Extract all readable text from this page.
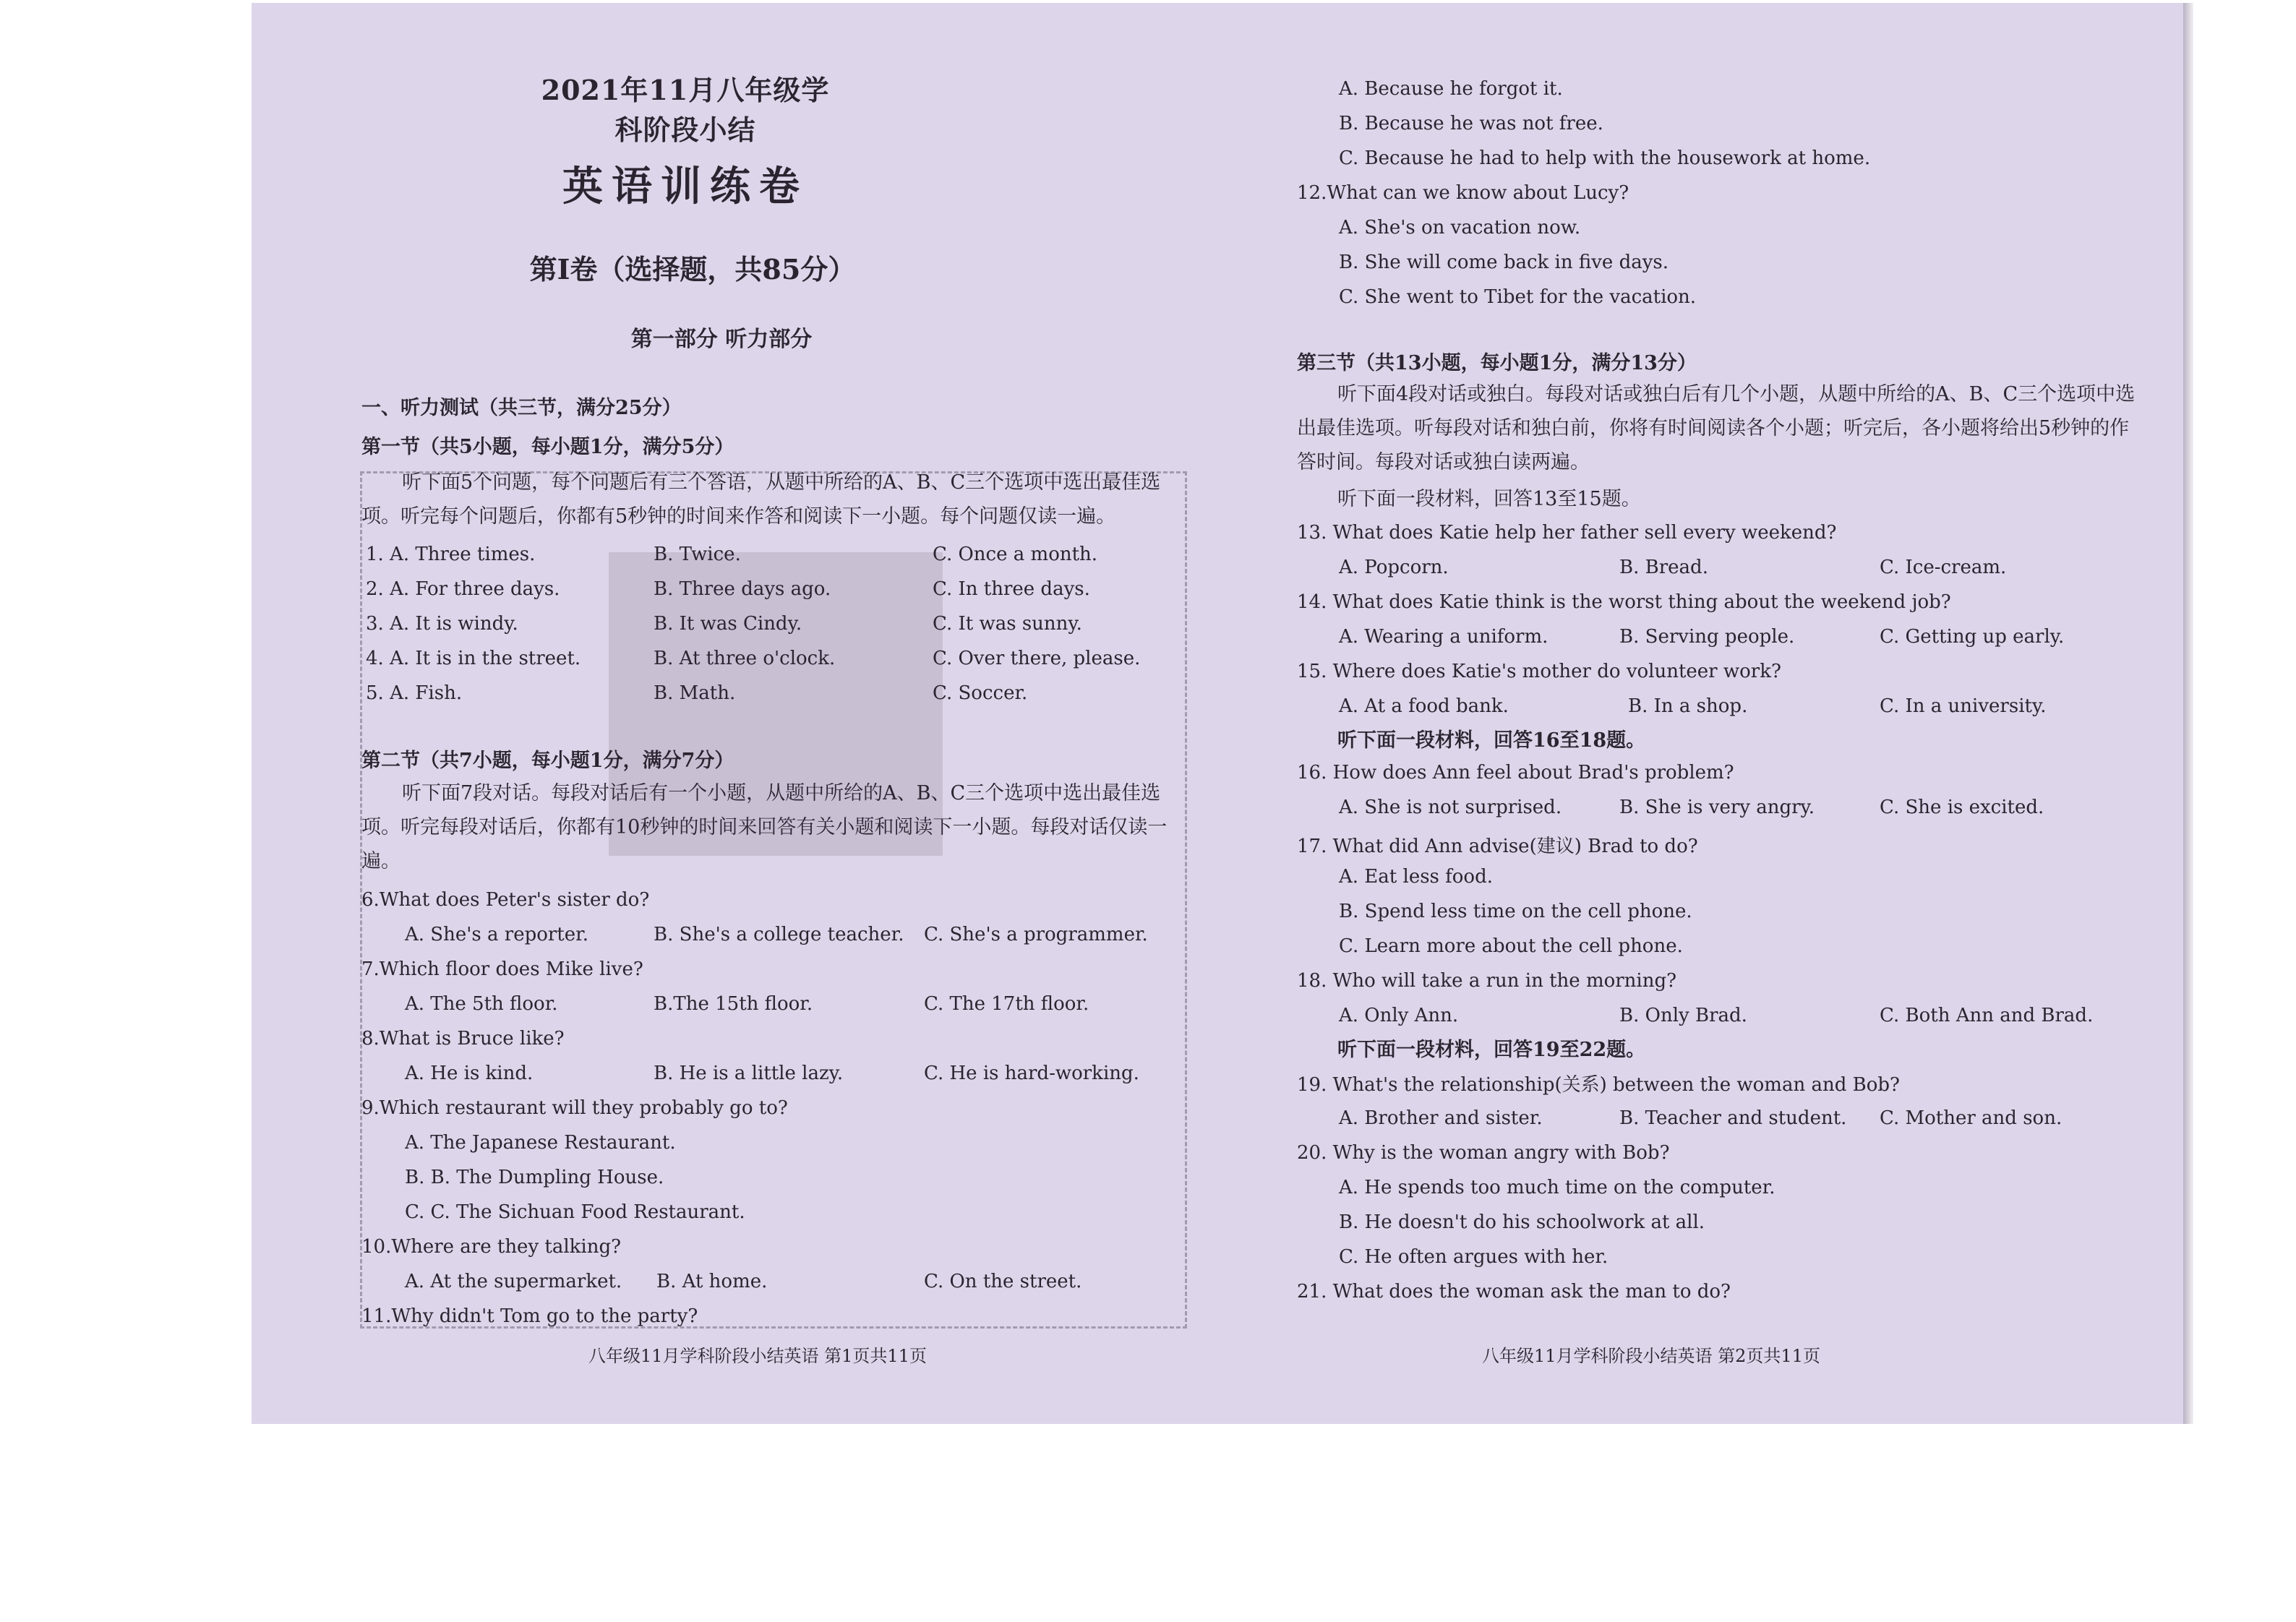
2021年11月八年级学科阶段小结
英语训练卷
第I卷（选择题，共85分）
第一部分 听力部分
一、听力测试（共三节，满分25分）
第一节（共5小题，每小题1分，满分5分）
听下面5个问题，每个问题后有三个答语，从题中所给的A、B、C三个选项中选出最佳选项。听完每个问题后，你都有5秒钟的时间来作答和阅读下一小题。每个问题仅读一遍。
1. A. Three times.	B. Twice.	C. Once a month.
2. A. For three days.	B. Three days ago.	C. In three days.
3. A. It is windy.	B. It was Cindy.	C. It was sunny.
4. A. It is in the street.	B. At three o'clock.	C. Over there, please.
5. A. Fish.	B. Math.	C. Soccer.
第二节（共7小题，每小题1分，满分7分）
听下面7段对话。每段对话后有一个小题，从题中所给的A、B、C三个选项中选出最佳选项。听完每段对话后，你都有10秒钟的时间来回答有关小题和阅读下一小题。每段对话仅读一遍。
6.What does Peter's sister do?
A. She's a reporter.	B. She's a college teacher. C. She's a programmer.
7.Which floor does Mike live?
A. The 5th floor.	B.The 15th floor.	C. The 17th floor.
8.What is Bruce like?
A. He is kind.	B. He is a little lazy.	C. He is hard-working.
9.Which restaurant will they probably go to?
A. The Japanese Restaurant.
B. B. The Dumpling House.
C. C. The Sichuan Food Restaurant.
10.Where are they talking?
A. At the supermarket. B. At home.	C. On the street.
11.Why didn't Tom go to the party?
八年级11月学科阶段小结英语 第1页共11页
A. Because he forgot it.
B. Because he was not free.
C. Because he had to help with the housework at home.
12.What can we know about Lucy?
A. She's on vacation now.
B. She will come back in five days.
C. She went to Tibet for the vacation.
第三节（共13小题，每小题1分，满分13分）
听下面4段对话或独白。每段对话或独白后有几个小题，从题中所给的A、B、C三个选项中选出最佳选项。听每段对话和独白前，你将有时间阅读各个小题；听完后，各小题将给出5秒钟的作答时间。每段对话或独白读两遍。
听下面一段材料，回答13至15题。
13. What does Katie help her father sell every weekend?
A. Popcorn.	B. Bread.	C. Ice-cream.
14. What does Katie think is the worst thing about the weekend job?
A. Wearing a uniform.	B. Serving people.	C. Getting up early.
15. Where does Katie's mother do volunteer work?
A. At a food bank.	B. In a shop.	C. In a university.
听下面一段材料，回答16至18题。
16. How does Ann feel about Brad's problem?
A. She is not surprised.	B. She is very angry.	C. She is excited.
17. What did Ann advise(建议) Brad to do?
A. Eat less food.
B. Spend less time on the cell phone.
C. Learn more about the cell phone.
18. Who will take a run in the morning?
A. Only Ann.	B. Only Brad.	C. Both Ann and Brad.
听下面一段材料，回答19至22题。
19. What's the relationship(关系) between the woman and Bob?
A. Brother and sister.	B. Teacher and student. C. Mother and son.
20. Why is the woman angry with Bob?
A. He spends too much time on the computer.
B. He doesn't do his schoolwork at all.
C. He often argues with her.
21. What does the woman ask the man to do?
八年级11月学科阶段小结英语 第2页共11页
